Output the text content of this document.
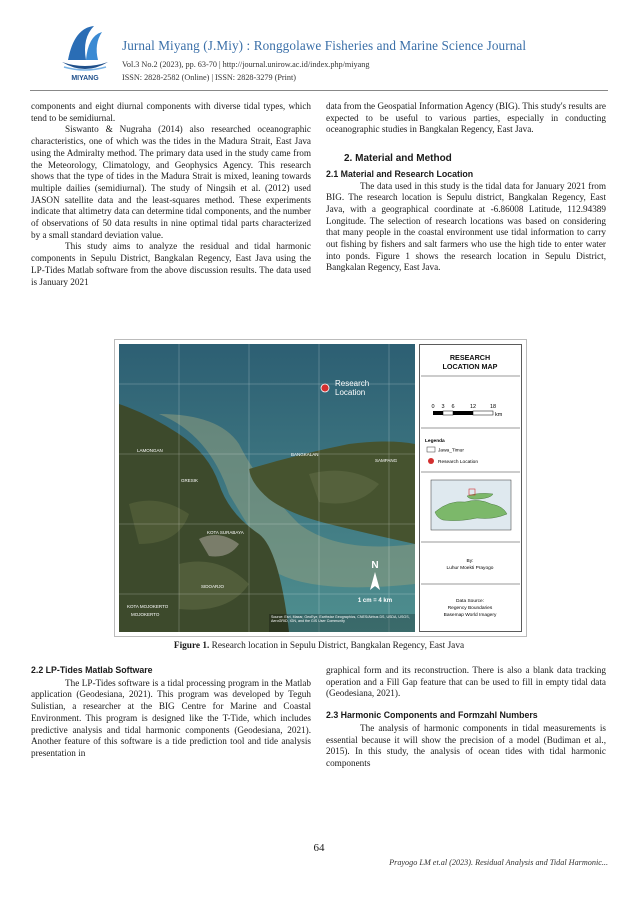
MIYANG
Jurnal Miyang (J.Miy) : Ronggolawe Fisheries and Marine Science Journal
Vol.3 No.2 (2023), pp. 63-70 | http://journal.unirow.ac.id/index.php/miyang
ISSN: 2828-2582 (Online) | ISSN: 2828-3279 (Print)

components and eight diurnal components with diverse tidal types, which tend to be semidiurnal.

Siswanto & Nugraha (2014) also researched oceanographic characteristics, one of which was the tides in the Madura Strait, East Java using the Admiralty method. The primary data used in the study came from the Meteorology, Climatology, and Geophysics Agency. This research shows that the type of tides in the Madura Strait is mixed, leaning towards multiple dailies (semidiurnal). The study of Ningsih et al. (2012) used JASON satellite data and the least-squares method. These experiments indicate that altimetry data can determine tidal components, and the number of observations of 50 data results in nine optimal tidal parts characterized by a small standard deviation value.

This study aims to analyze the residual and tidal harmonic components in Sepulu District, Bangkalan Regency, East Java using the LP-Tides Matlab software from the above discussion results. The data used is January 2021

data from the Geospatial Information Agency (BIG). This study's results are expected to be useful to various parties, especially in conducting oceanographic studies in Bangkalan Regency, East Java.

2. Material and Method
2.1 Material and Research Location

The data used in this study is the tidal data for January 2021 from BIG. The research location is Sepulu district, Bangkalan Regency, East Java, with a geographical coordinate at -6.86008 Latitude, 112.94389 Longitude. The selection of research locations was based on considering that many people in the coastal environment use tidal information to carry out fishing by fishers and salt farmers who use the high tide to enter water into ponds. Figure 1 shows the research location in Sepulu District, Bangkalan Regency, East Java.

Research
Location
BANGKALAN
LAMONGAN
GRESIK
SAMPANG
KOTA SURABAYA
SIDOARJO
KOTA MOJOKERTO
MOJOKERTO
N
1 cm = 4 km
Source: Esri, Maxar, GeoEye, Earthstar Geographics, CNES/Airbus DS, USDA, USGS, AeroGRID, IGN, and the GIS User Community
RESEARCH
LOCATION MAP
0 3 6	12	18
km
Legenda
Jawa_Timur
Research Location
By:
Luhur Moekti Prayogo
Data Source:
Regency Boundaries
Basemap World Imagery
Figure 1. Research location in Sepulu District, Bangkalan Regency, East Java
2.2 LP-Tides Matlab Software

The LP-Tides software is a tidal processing program in the Matlab application (Geodesiana, 2021). This program was developed by Teguh Sulistian, a researcher at the BIG Centre for Marine and Coastal Environment. This program is designed like the T-Tide, which includes predictive analysis and tidal harmonic components (Geodesiana, 2021). Another feature of this software is a tide prediction tool and tide analysis presentation in

graphical form and its reconstruction. There is also a blank data tracking operation and a Fill Gap feature that can be used to fill in empty tidal data (Geodesiana, 2021).

2.3 Harmonic Components and Formzahl Numbers

The analysis of harmonic components in tidal measurements is essential because it will show the precision of a model (Budiman et al., 2015). In this study, the analysis of ocean tides with tidal harmonic components

64
Prayogo LM et.al (2023). Residual Analysis and Tidal Harmonic...
